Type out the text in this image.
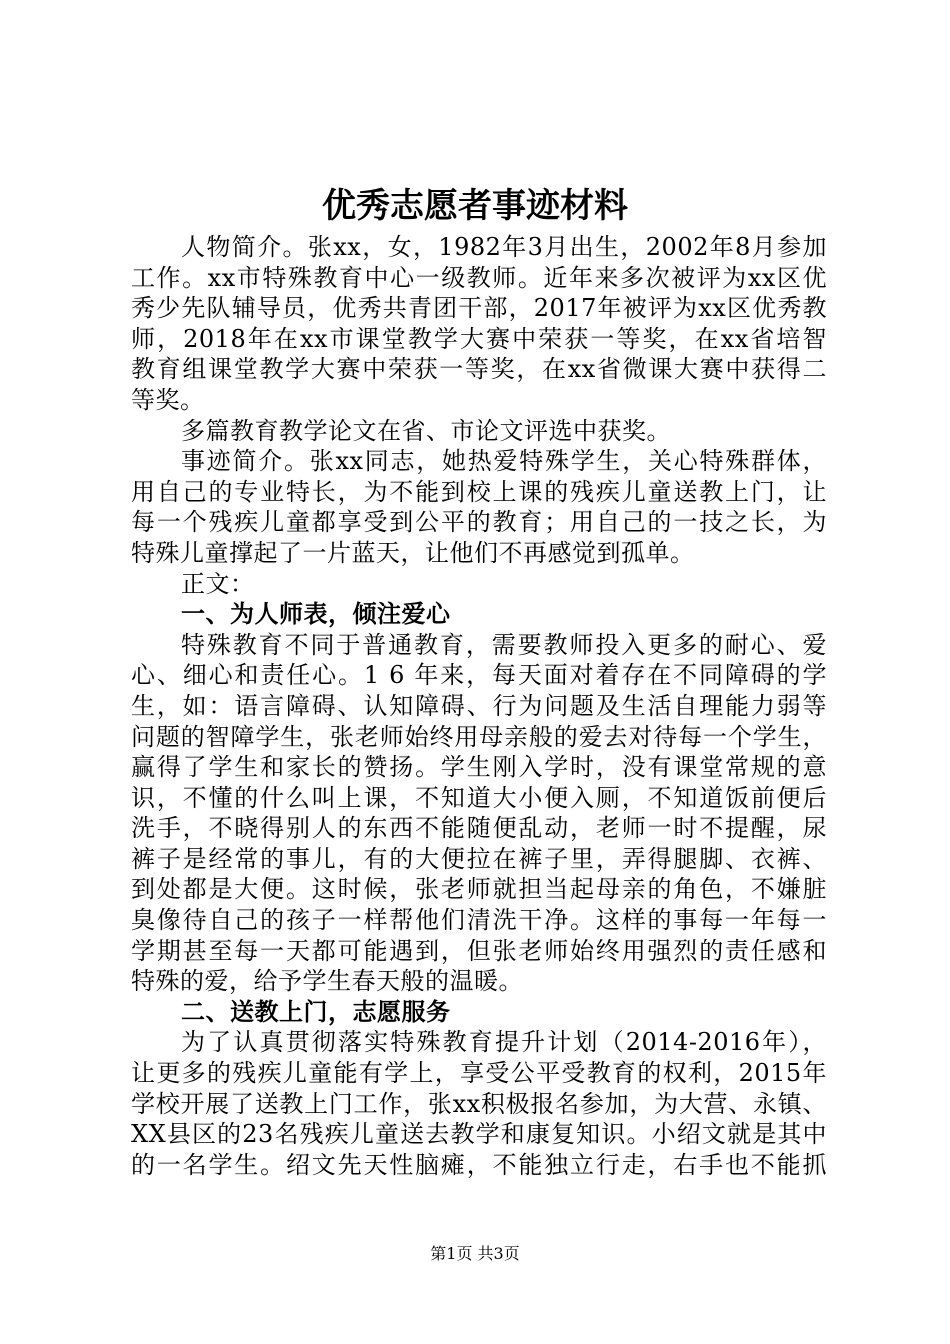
优秀志愿者事迹材料
人物简介。张xx，女，1982年3月出生，2002年8月参加
工作。xx市特殊教育中心一级教师。近年来多次被评为xx区优
秀少先队辅导员，优秀共青团干部，2017年被评为xx区优秀教
师，2018年在xx市课堂教学大赛中荣获一等奖，在xx省培智
教育组课堂教学大赛中荣获一等奖，在xx省微课大赛中获得二
等奖。
多篇教育教学论文在省、市论文评选中获奖。
事迹简介。张xx同志，她热爱特殊学生，关心特殊群体，
用自己的专业特长，为不能到校上课的残疾儿童送教上门，让
每一个残疾儿童都享受到公平的教育；用自己的一技之长，为
特殊儿童撑起了一片蓝天，让他们不再感觉到孤单。
正文：
一、为人师表，倾注爱心
特殊教育不同于普通教育，需要教师投入更多的耐心、爱
心、细心和责任心。1 6 年来，每天面对着存在不同障碍的学
生，如：语言障碍、认知障碍、行为问题及生活自理能力弱等
问题的智障学生，张老师始终用母亲般的爱去对待每一个学生，
赢得了学生和家长的赞扬。学生刚入学时，没有课堂常规的意
识，不懂的什么叫上课，不知道大小便入厕，不知道饭前便后
洗手，不晓得别人的东西不能随便乱动，老师一时不提醒，尿
裤子是经常的事儿，有的大便拉在裤子里，弄得腿脚、衣裤、
到处都是大便。这时候，张老师就担当起母亲的角色，不嫌脏
臭像待自己的孩子一样帮他们清洗干净。这样的事每一年每一
学期甚至每一天都可能遇到，但张老师始终用强烈的责任感和
特殊的爱，给予学生春天般的温暖。
二、送教上门，志愿服务
为了认真贯彻落实特殊教育提升计划（2014-2016年），
让更多的残疾儿童能有学上，享受公平受教育的权利，2015年
学校开展了送教上门工作，张xx积极报名参加，为大营、永镇、
XX县区的23名残疾儿童送去教学和康复知识。小绍文就是其中
的一名学生。绍文先天性脑瘫，不能独立行走，右手也不能抓
第1页 共3页
